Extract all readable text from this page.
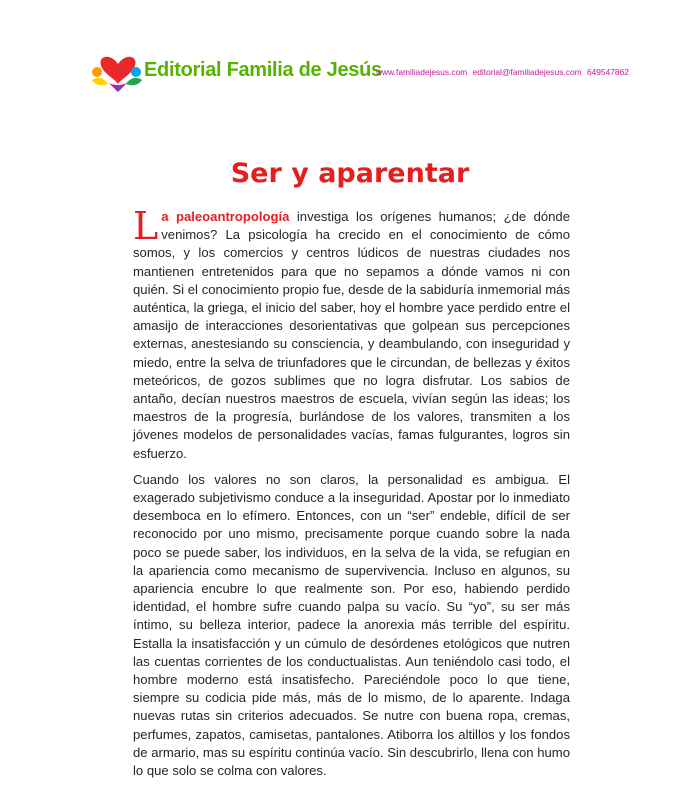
Editorial Familia de Jesús
www.familiadejesus.com editorial@familiadejesus.com 649547862
Ser y aparentar

La paleoantropología investiga los orígenes humanos; ¿de dónde venimos? La psicología ha crecido en el conocimiento de cómo somos, y los comercios y centros lúdicos de nuestras ciudades nos mantienen entretenidos para que no sepamos a dónde vamos ni con quién. Si el conocimiento propio fue, desde de la sabiduría inmemorial más auténtica, la griega, el inicio del saber, hoy el hombre yace perdido entre el amasijo de interacciones desorientativas que golpean sus percepciones externas, anestesiando su consciencia, y deambulando, con inseguridad y miedo, entre la selva de triunfadores que le circundan, de bellezas y éxitos meteóricos, de gozos sublimes que no logra disfrutar. Los sabios de antaño, decían nuestros maestros de escuela, vivían según las ideas; los maestros de la progresía, burlándose de los valores, transmiten a los jóvenes modelos de personalidades vacías, famas fulgurantes, logros sin esfuerzo.

Cuando los valores no son claros, la personalidad es ambigua. El exagerado subjetivismo conduce a la inseguridad. Apostar por lo inmediato desemboca en lo efímero. Entonces, con un “ser” endeble, difícil de ser reconocido por uno mismo, precisamente porque cuando sobre la nada poco se puede saber, los individuos, en la selva de la vida, se refugian en la apariencia como mecanismo de supervivencia. Incluso en algunos, su apariencia encubre lo que realmente son. Por eso, habiendo perdido identidad, el hombre sufre cuando palpa su vacío. Su “yo”, su ser más íntimo, su belleza interior, padece la anorexia más terrible del espíritu. Estalla la insatisfacción y un cúmulo de desórdenes etológicos que nutren las cuentas corrientes de los conductualistas. Aun teniéndolo casi todo, el hombre moderno está insatisfecho. Pareciéndole poco lo que tiene, siempre su codicia pide más, más de lo mismo, de lo aparente. Indaga nuevas rutas sin criterios adecuados. Se nutre con buena ropa, cremas, perfumes, zapatos, camisetas, pantalones. Atiborra los altillos y los fondos de armario, mas su espíritu continúa vacío. Sin descubrirlo, llena con humo lo que solo se colma con valores.
